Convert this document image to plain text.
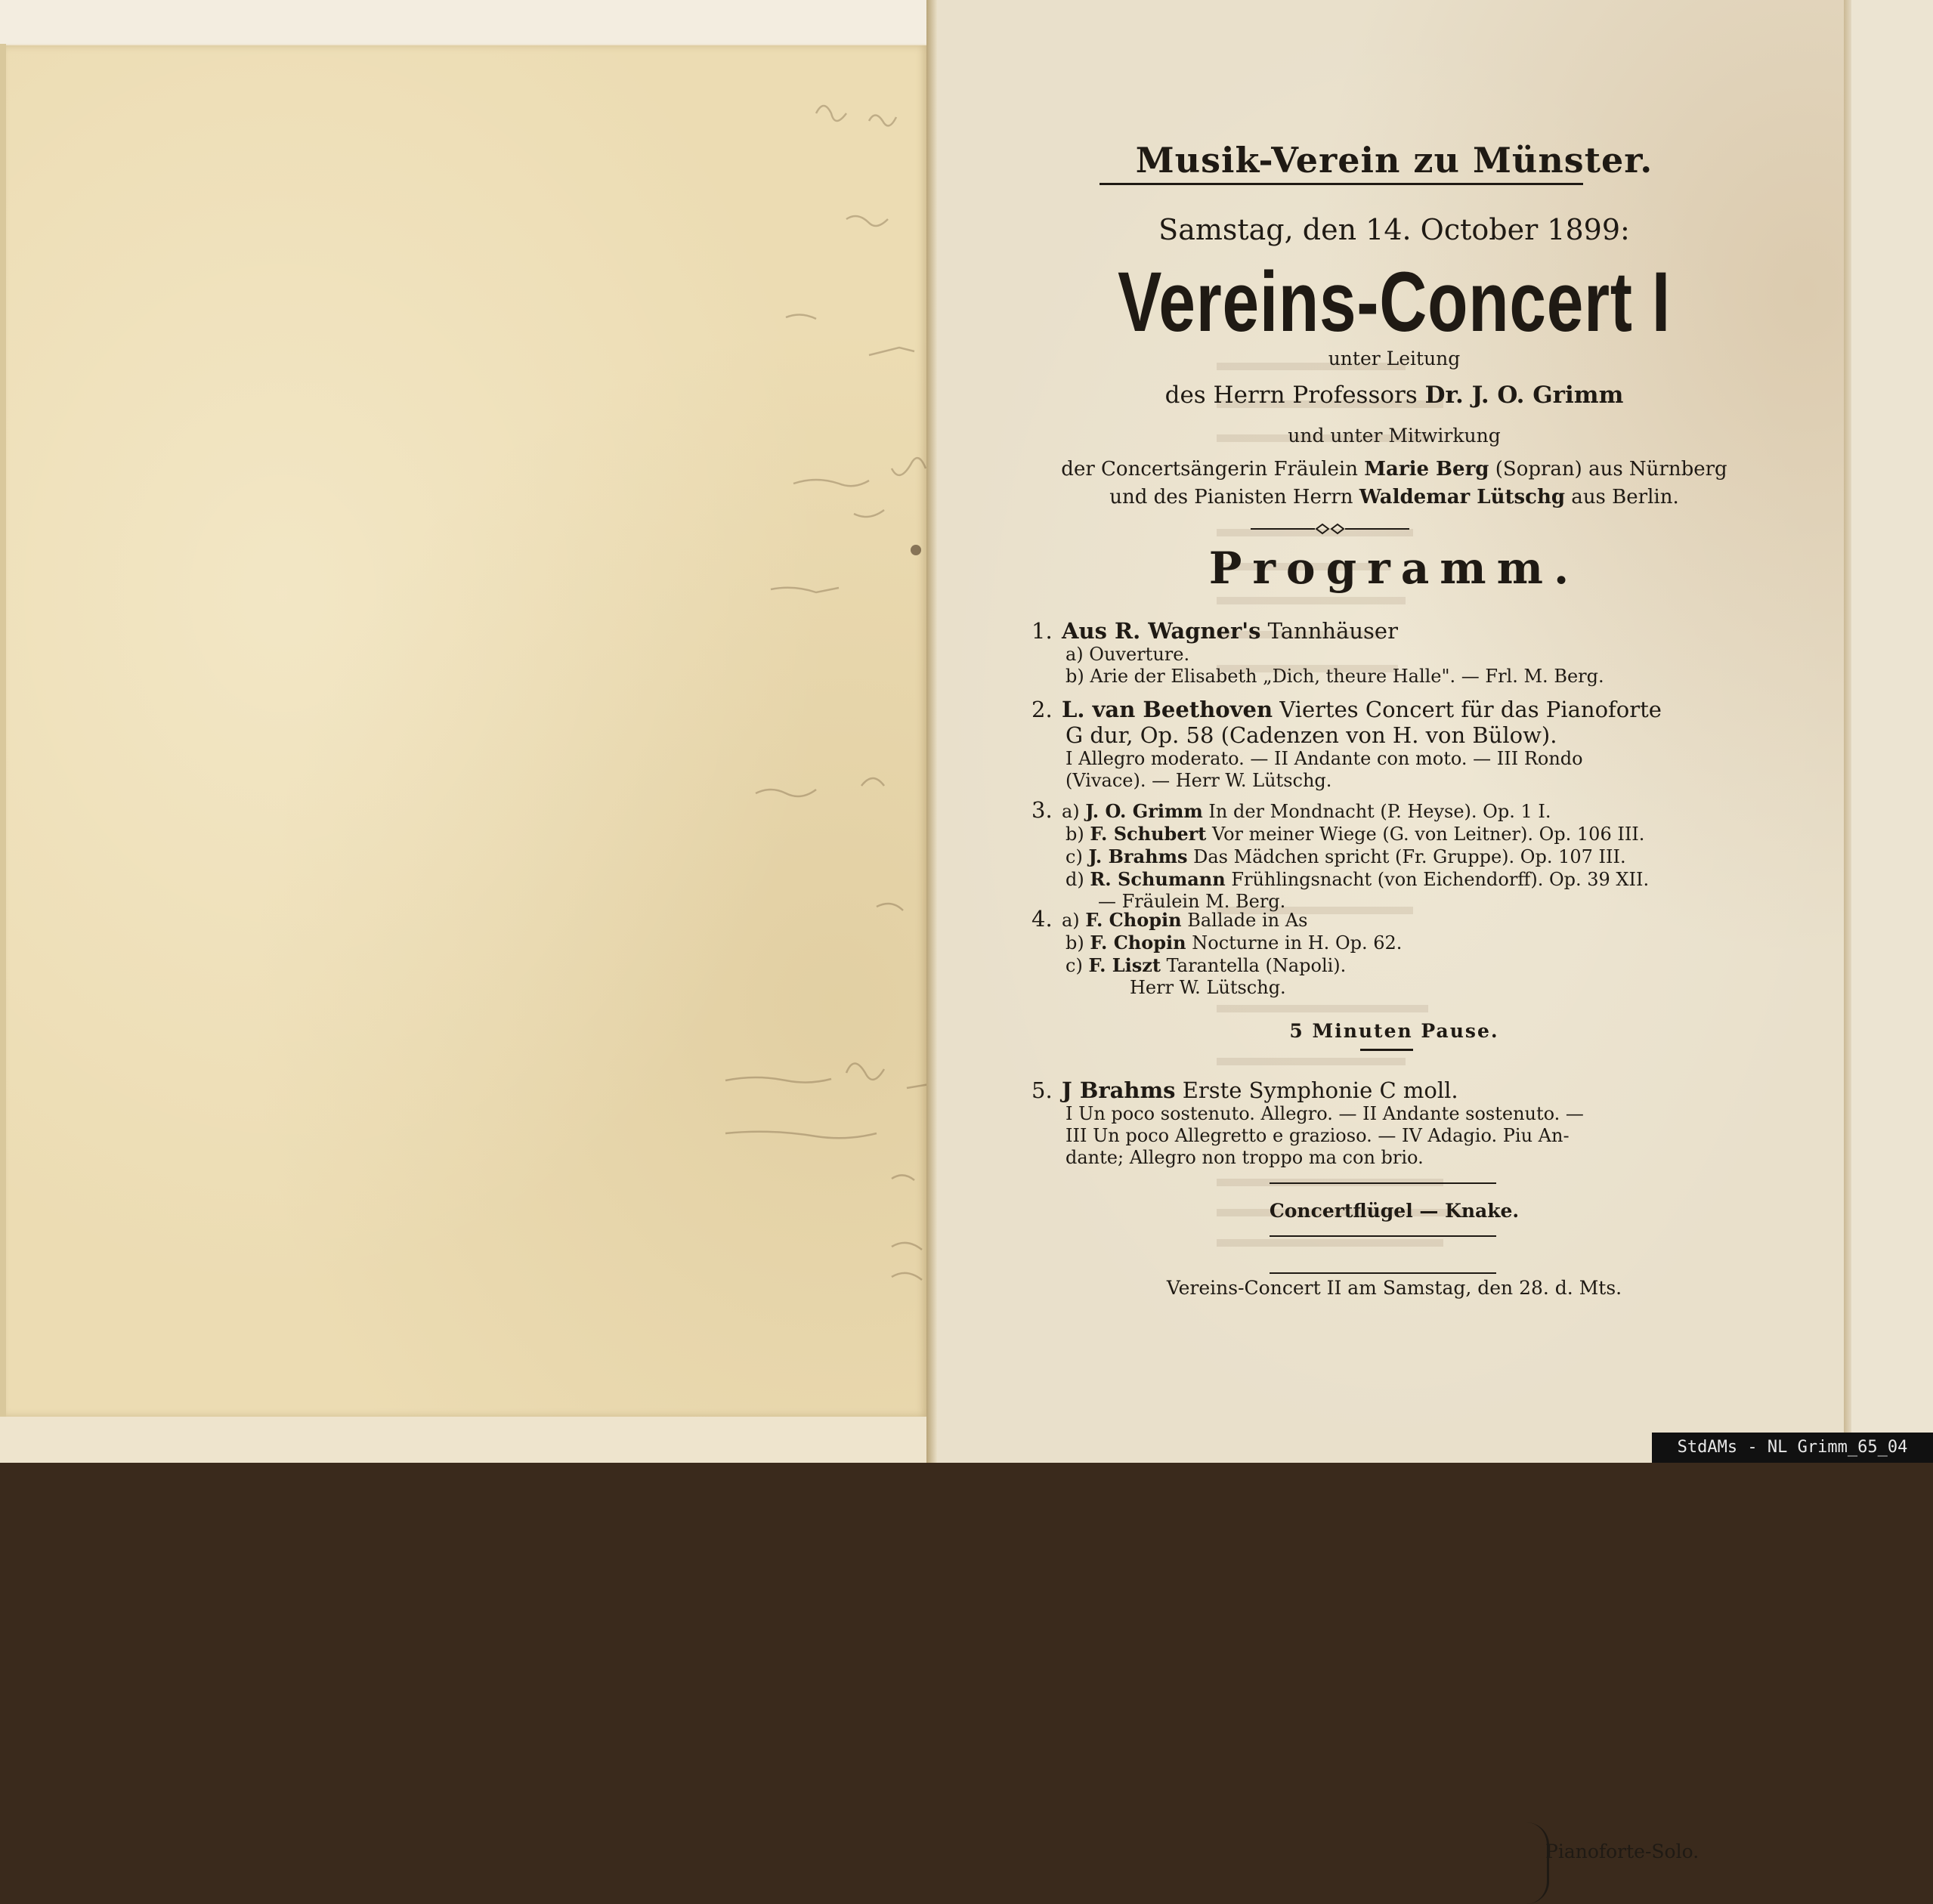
Musik-Verein zu Münster.
Samstag, den 14. October 1899:
Vereins-Concert I
unter Leitung
des Herrn Professors Dr. J. O. Grimm
und unter Mitwirkung
der Concertsängerin Fräulein Marie Berg (Sopran) aus Nürnberg
und des Pianisten Herrn Waldemar Lütschg aus Berlin.
Programm.
1. Aus R. Wagner's Tannhäuser
a) Ouverture.
b) Arie der Elisabeth „Dich, theure Halle". — Frl. M. Berg.
2. L. van Beethoven Viertes Concert für das Pianoforte
G dur, Op. 58 (Cadenzen von H. von Bülow).
I Allegro moderato. — II Andante con moto. — III Rondo
(Vivace). — Herr W. Lütschg.
3. a) J. O. Grimm In der Mondnacht (P. Heyse). Op. 1 I.
b) F. Schubert Vor meiner Wiege (G. von Leitner). Op. 106 III.
c) J. Brahms Das Mädchen spricht (Fr. Gruppe). Op. 107 III.
d) R. Schumann Frühlingsnacht (von Eichendorff). Op. 39 XII.
— Fräulein M. Berg.
4. a) F. Chopin Ballade in As
b) F. Chopin Nocturne in H. Op. 62.
c) F. Liszt Tarantella (Napoli).
Herr W. Lütschg.
Pianoforte-Solo.
5 Minuten Pause.
5. J Brahms Erste Symphonie C moll.
I Un poco sostenuto. Allegro. — II Andante sostenuto. —
III Un poco Allegretto e grazioso. — IV Adagio. Piu An-
dante; Allegro non troppo ma con brio.
Concertflügel — Knake.
Vereins-Concert II am Samstag, den 28. d. Mts.
StdAMs - NL Grimm_65_04
